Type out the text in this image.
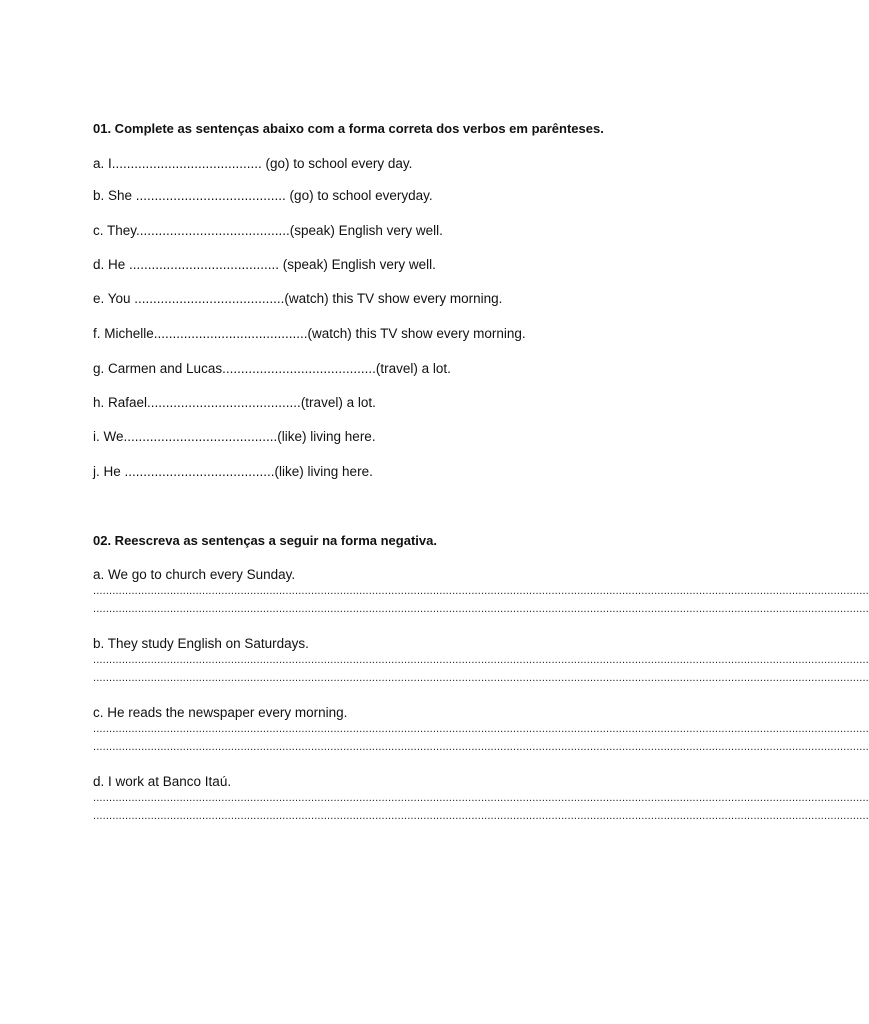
01. Complete as sentenças abaixo com a forma correta dos verbos em parênteses.
a. I........................................ (go) to school every day.
b. She ........................................ (go) to school everyday.
c. They.........................................(speak) English very well.
d. He ........................................ (speak) English very well.
e. You ........................................(watch) this TV show every morning.
f. Michelle.........................................(watch) this TV show every morning.
g. Carmen and Lucas.........................................(travel) a lot.
h. Rafael.........................................(travel) a lot.
i. We.........................................(like) living here.
j. He ........................................(like) living here.
02. Reescreva as sentenças a seguir na forma negativa.
a. We go to church every Sunday.
..................................................................................................................................................................................................................................................
..................................................................................................................................................................................................................................................
b. They study English on Saturdays.
..................................................................................................................................................................................................................................................
..................................................................................................................................................................................................................................................
c. He reads the newspaper every morning.
..................................................................................................................................................................................................................................................
..................................................................................................................................................................................................................................................
d. I work at Banco Itaú.
..................................................................................................................................................................................................................................................
..................................................................................................................................................................................................................................................
